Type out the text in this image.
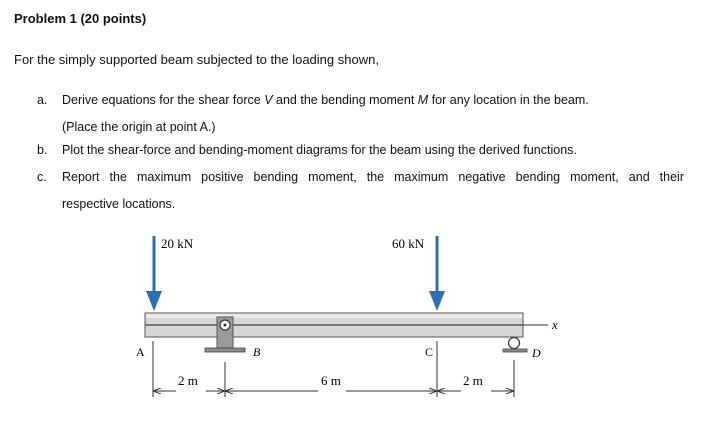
Problem 1 (20 points)
For the simply supported beam subjected to the loading shown,
a.	Derive equations for the shear force V and the bending moment M for any location in the beam.
(Place the origin at point A.)
b.	Plot the shear-force and bending-moment diagrams for the beam using the derived functions.
c.	Report the maximum positive bending moment, the maximum negative bending moment, and their
respective locations.
20 kN	60 kN
x
A	B	C	D
2 m	6 m	2 m
